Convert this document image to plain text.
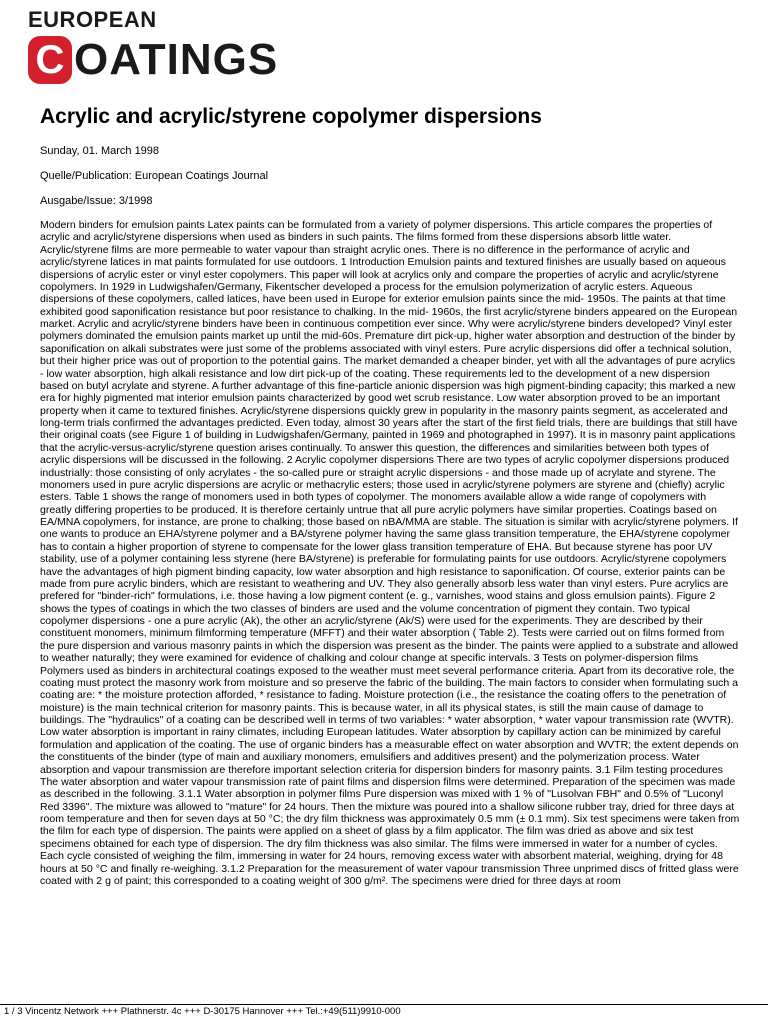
EUROPEAN
C OATINGS
Acrylic and acrylic/styrene copolymer dispersions

Sunday, 01. March 1998

Quelle/Publication: European Coatings Journal

Ausgabe/Issue: 3/1998

Modern binders for emulsion paints Latex paints can be formulated from a variety of polymer dispersions. This article compares the properties of acrylic and acrylic/styrene dispersions when used as binders in such paints. The films formed from these dispersions absorb little water. Acrylic/styrene films are more permeable to water vapour than straight acrylic ones. There is no difference in the performance of acrylic and acrylic/styrene latices in mat paints formulated for use outdoors. 1 Introduction Emulsion paints and textured finishes are usually based on aqueous dispersions of acrylic ester or vinyl ester copolymers. This paper will look at acrylics only and compare the properties of acrylic and acrylic/styrene copolymers. In 1929 in Ludwigshafen/Germany, Fikentscher developed a process for the emulsion polymerization of acrylic esters. Aqueous dispersions of these copolymers, called latices, have been used in Europe for exterior emulsion paints since the mid- 1950s. The paints at that time exhibited good saponification resistance but poor resistance to chalking. In the mid- 1960s, the first acrylic/styrene binders appeared on the European market. Acrylic and acrylic/styrene binders have been in continuous competition ever since. Why were acrylic/styrene binders developed? Vinyl ester polymers dominated the emulsion paints market up until the mid-60s. Premature dirt pick-up, higher water absorption and destruction of the binder by saponification on alkali substrates were just some of the problems associated with vinyl esters. Pure acrylic dispersions did offer a technical solution, but their higher price was out of proportion to the potential gains. The market demanded a cheaper binder, yet with all the advantages of pure acrylics - low water absorption, high alkali resistance and low dirt pick-up of the coating. These requirements led to the development of a new dispersion based on butyl acrylate and styrene. A further advantage of this fine-particle anionic dispersion was high pigment-binding capacity; this marked a new era for highly pigmented mat interior emulsion paints characterized by good wet scrub resistance. Low water absorption proved to be an important property when it came to textured finishes. Acrylic/styrene dispersions quickly grew in popularity in the masonry paints segment, as accelerated and long-term trials confirmed the advantages predicted. Even today, almost 30 years after the start of the first field trials, there are buildings that still have their original coats (see Figure 1 of building in Ludwigshafen/Germany, painted in 1969 and photographed in 1997). It is in masonry paint applications that the acrylic-versus-acrylic/styrene question arises continually. To answer this question, the differences and similarities between both types of acrylic dispersions will be discussed in the following. 2 Acrylic copolymer dispersions There are two types of acrylic copolymer dispersions produced industrially: those consisting of only acrylates - the so-called pure or straight acrylic dispersions - and those made up of acrylate and styrene. The monomers used in pure acrylic dispersions are acrylic or methacrylic esters; those used in acrylic/styrene polymers are styrene and (chiefly) acrylic esters. Table 1 shows the range of monomers used in both types of copolymer. The monomers available allow a wide range of copolymers with greatly differing properties to be produced. It is therefore certainly untrue that all pure acrylic polymers have similar properties. Coatings based on EA/MNA copolymers, for instance, are prone to chalking; those based on nBA/MMA are stable. The situation is similar with acrylic/styrene polymers. If one wants to produce an EHA/styrene polymer and a BA/styrene polymer having the same glass transition temperature, the EHA/styrene copolymer has to contain a higher proportion of styrene to compensate for the lower glass transition temperature of EHA. But because styrene has poor UV stability, use of a polymer containing less styrene (here BA/styrene) is preferable for formulating paints for use outdoors. Acrylic/styrene copolymers have the advantages of high pigment binding capacity, low water absorption and high resistance to saponification. Of course, exterior paints can be made from pure acrylic binders, which are resistant to weathering and UV. They also generally absorb less water than vinyl esters. Pure acrylics are prefered for "binder-rich" formulations, i.e. those having a low pigment content (e. g., varnishes, wood stains and gloss emulsion paints). Figure 2 shows the types of coatings in which the two classes of binders are used and the volume concentration of pigment they contain. Two typical copolymer dispersions - one a pure acrylic (Ak), the other an acrylic/styrene (Ak/S) were used for the experiments. They are described by their constituent monomers, minimum filmforming temperature (MFFT) and their water absorption ( Table 2). Tests were carried out on films formed from the pure dispersion and various masonry paints in which the dispersion was present as the binder. The paints were applied to a substrate and allowed to weather naturally; they were examined for evidence of chalking and colour change at specific intervals. 3 Tests on polymer-dispersion films Polymers used as binders in architectural coatings exposed to the weather must meet several performance criteria. Apart from its decorative role, the coating must protect the masonry work from moisture and so preserve the fabric of the building. The main factors to consider when formulating such a coating are: * the moisture protection afforded, * resistance to fading. Moisture protection (i.e., the resistance the coating offers to the penetration of moisture) is the main technical criterion for masonry paints. This is because water, in all its physical states, is still the main cause of damage to buildings. The "hydraulics" of a coating can be described well in terms of two variables: * water absorption, * water vapour transmission rate (WVTR). Low water absorption is important in rainy climates, including European latitudes. Water absorption by capillary action can be minimized by careful formulation and application of the coating. The use of organic binders has a measurable effect on water absorption and WVTR; the extent depends on the constituents of the binder (type of main and auxiliary monomers, emulsifiers and additives present) and the polymerization process. Water absorption and vapour transmission are therefore important selection criteria for dispersion binders for masonry paints. 3.1 Film testing procedures The water absorption and water vapour transmission rate of paint films and dispersion films were determined. Preparation of the specimen was made as described in the following. 3.1.1 Water absorption in polymer films Pure dispersion was mixed with 1 % of "Lusolvan FBH" and 0.5% of "Luconyl Red 3396". The mixture was allowed to "mature" for 24 hours. Then the mixture was poured into a shallow silicone rubber tray, dried for three days at room temperature and then for seven days at 50 °C; the dry film thickness was approximately 0.5 mm (± 0.1 mm). Six test specimens were taken from the film for each type of dispersion. The paints were applied on a sheet of glass by a film applicator. The film was dried as above and six test specimens obtained for each type of dispersion. The dry film thickness was also similar. The films were immersed in water for a number of cycles. Each cycle consisted of weighing the film, immersing in water for 24 hours, removing excess water with absorbent material, weighing, drying for 48 hours at 50 °C and finally re-weighing. 3.1.2 Preparation for the measurement of water vapour transmission Three unprimed discs of fritted glass were coated with 2 g of paint; this corresponded to a coating weight of 300 g/m². The specimens were dried for three days at room

1 / 3 Vincentz Network +++ Plathnerstr. 4c +++ D-30175 Hannover +++ Tel.:+49(511)9910-000
